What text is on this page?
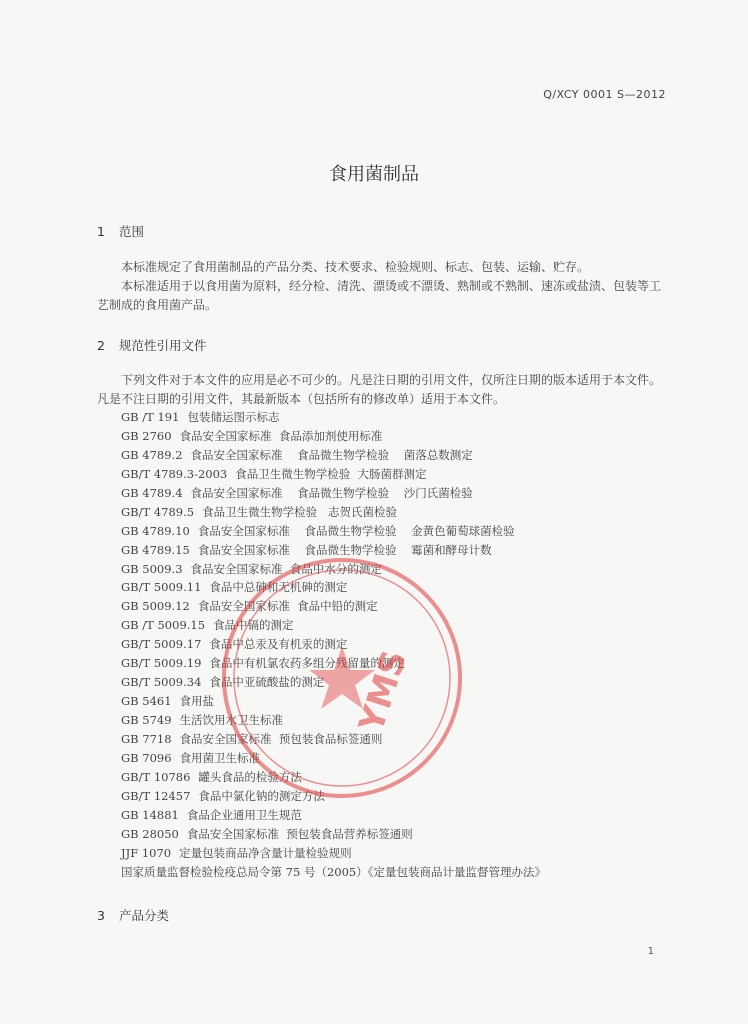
Q/XCY 0001 S—2012
食用菌制品
1 范围

本标准规定了食用菌制品的产品分类、技术要求、检验规则、标志、包装、运输、贮存。

本标准适用于以食用菌为原料，经分检、清洗、漂烫或不漂烫、熟制或不熟制、速冻或盐渍、包装等工艺制成的食用菌产品。

2 规范性引用文件

下列文件对于本文件的应用是必不可少的。凡是注日期的引用文件，仅所注日期的版本适用于本文件。凡是不注日期的引用文件，其最新版本（包括所有的修改单）适用于本文件。

GB /T 191 包装储运图示标志
GB 2760 食品安全国家标准  食品添加剂使用标准
GB 4789.2 食品安全国家标准    食品微生物学检验    菌落总数测定
GB/T 4789.3-2003 食品卫生微生物学检验  大肠菌群测定
GB 4789.4 食品安全国家标准    食品微生物学检验    沙门氏菌检验
GB/T 4789.5 食品卫生微生物学检验   志贺氏菌检验
GB 4789.10 食品安全国家标准    食品微生物学检验    金黄色葡萄球菌检验
GB 4789.15 食品安全国家标准    食品微生物学检验    霉菌和酵母计数
GB 5009.3 食品安全国家标准  食品中水分的测定
GB/T 5009.11 食品中总砷和无机砷的测定
GB 5009.12 食品安全国家标准  食品中铅的测定
GB /T 5009.15 食品中镉的测定
GB/T 5009.17 食品中总汞及有机汞的测定
GB/T 5009.19 食品中有机氯农药多组分残留量的测定
GB/T 5009.34 食品中亚硫酸盐的测定
GB 5461 食用盐
GB 5749 生活饮用水卫生标准
GB 7718 食品安全国家标准  预包装食品标签通则
GB 7096 食用菌卫生标准
GB/T 10786 罐头食品的检验方法
GB/T 12457 食品中氯化钠的测定方法
GB 14881 食品企业通用卫生规范
GB 28050 食品安全国家标准  预包装食品营养标签通则
JJF 1070 定量包装商品净含量计量检验规则
国家质量监督检验检疫总局令第 75 号（2005）《定量包装商品计量监督管理办法》
3 产品分类
1
YMS
